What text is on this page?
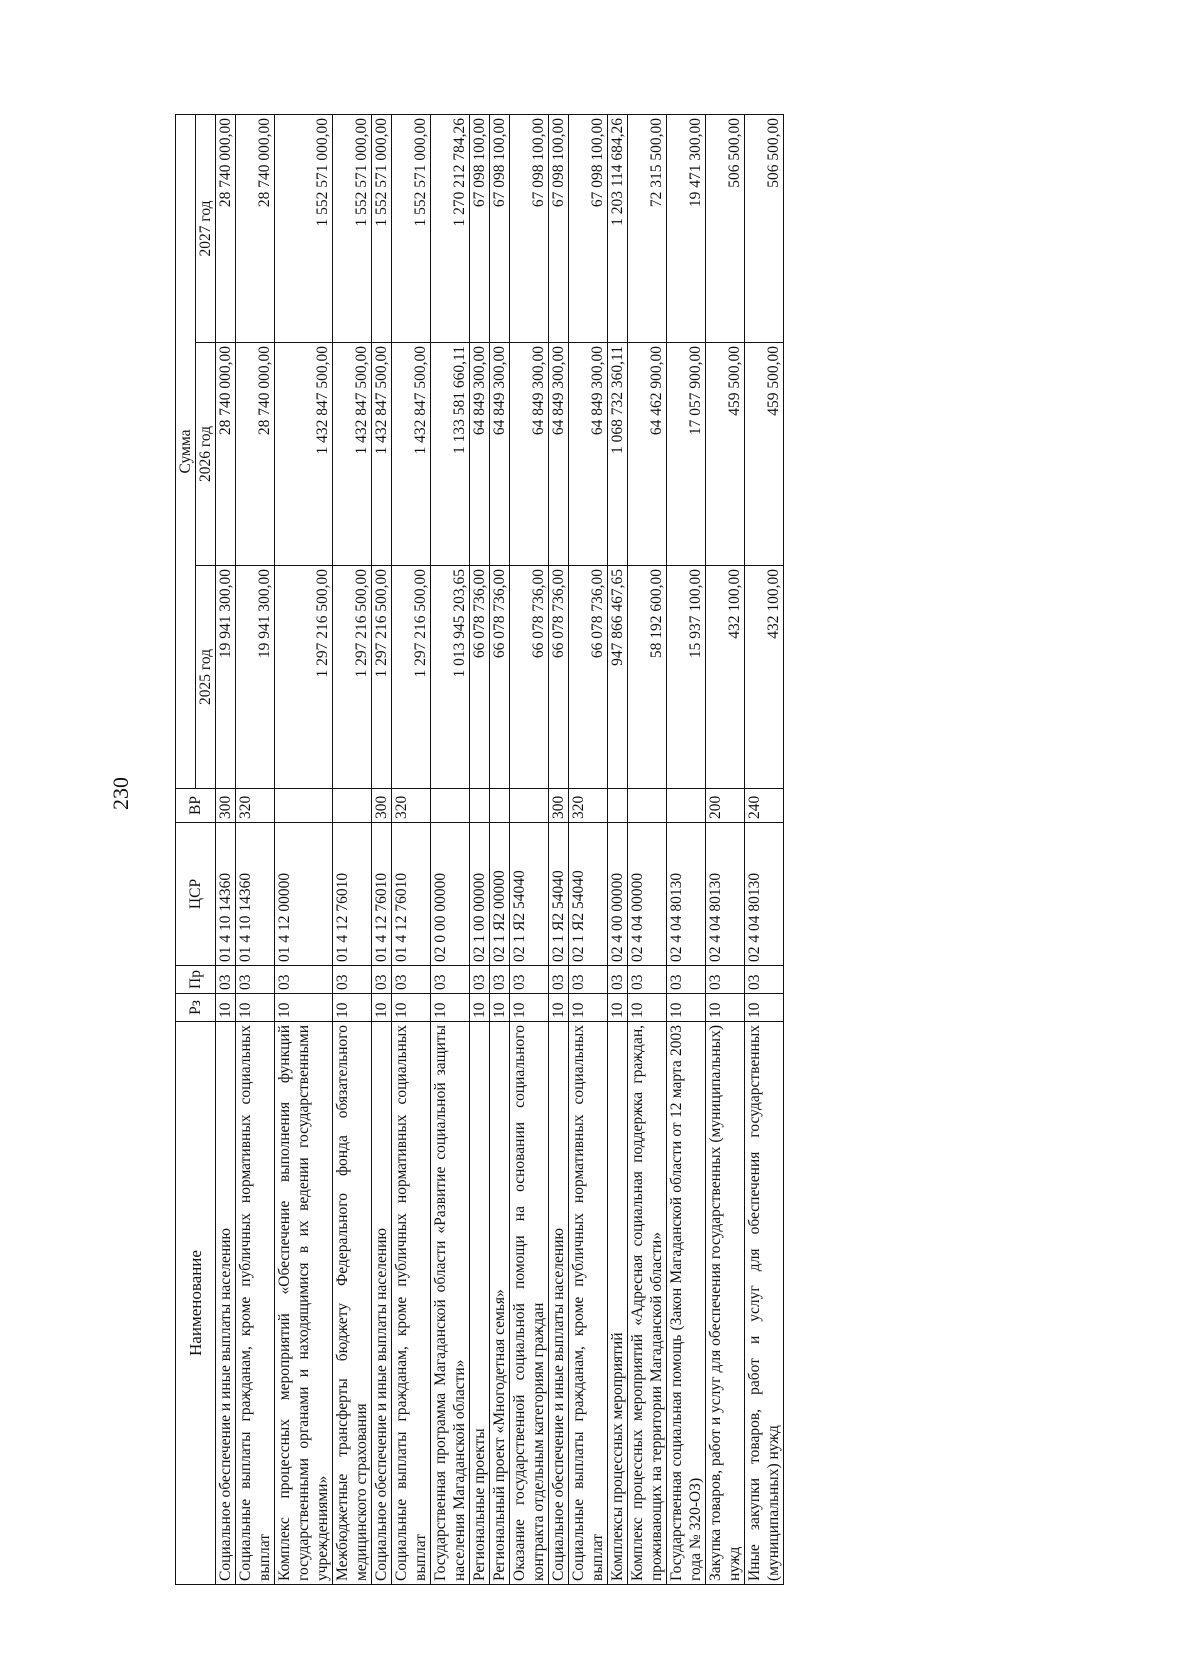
230
Наименование	Рз	Пр	ЦСР	ВР	Сумма		
					2025 год	2026 год	2027 год
Социальное обеспечение и иные выплаты населению	10	03	01 4 10 14360	300	19 941 300,00	28 740 000,00	28 740 000,00
Социальные выплаты гражданам, кроме публичных нормативных социальных выплат	10	03	01 4 10 14360	320	19 941 300,00	28 740 000,00	28 740 000,00
Комплекс процессных мероприятий «Обеспечение выполнения функций государственными органами и находящимися в их ведении государственными учреждениями»	10	03	01 4 12 00000		1 297 216 500,00	1 432 847 500,00	1 552 571 000,00
Межбюджетные трансферты бюджету Федерального фонда обязательного медицинского страхования	10	03	01 4 12 76010		1 297 216 500,00	1 432 847 500,00	1 552 571 000,00
Социальное обеспечение и иные выплаты населению	10	03	01 4 12 76010	300	1 297 216 500,00	1 432 847 500,00	1 552 571 000,00
Социальные выплаты гражданам, кроме публичных нормативных социальных выплат	10	03	01 4 12 76010	320	1 297 216 500,00	1 432 847 500,00	1 552 571 000,00
Государственная программа Магаданской области «Развитие социальной защиты населения Магаданской области»	10	03	02 0 00 00000		1 013 945 203,65	1 133 581 660,11	1 270 212 784,26
Региональные проекты	10	03	02 1 00 00000		66 078 736,00	64 849 300,00	67 098 100,00
Региональный проект «Многодетная семья»	10	03	02 1 Я2 00000		66 078 736,00	64 849 300,00	67 098 100,00
Оказание государственной социальной помощи на основании социального контракта отдельным категориям граждан	10	03	02 1 Я2 54040		66 078 736,00	64 849 300,00	67 098 100,00
Социальное обеспечение и иные выплаты населению	10	03	02 1 Я2 54040	300	66 078 736,00	64 849 300,00	67 098 100,00
Социальные выплаты гражданам, кроме публичных нормативных социальных выплат	10	03	02 1 Я2 54040	320	66 078 736,00	64 849 300,00	67 098 100,00
Комплексы процессных мероприятий	10	03	02 4 00 00000		947 866 467,65	1 068 732 360,11	1 203 114 684,26
Комплекс процессных мероприятий «Адресная социальная поддержка граждан, проживающих на территории Магаданской области»	10	03	02 4 04 00000		58 192 600,00	64 462 900,00	72 315 500,00
Государственная социальная помощь (Закон Магаданской области от 12 марта 2003 года № 320-ОЗ)	10	03	02 4 04 80130		15 937 100,00	17 057 900,00	19 471 300,00
Закупка товаров, работ и услуг для обеспечения государственных (муниципальных) нужд	10	03	02 4 04 80130	200	432 100,00	459 500,00	506 500,00
Иные закупки товаров, работ и услуг для обеспечения государственных (муниципальных) нужд	10	03	02 4 04 80130	240	432 100,00	459 500,00	506 500,00
